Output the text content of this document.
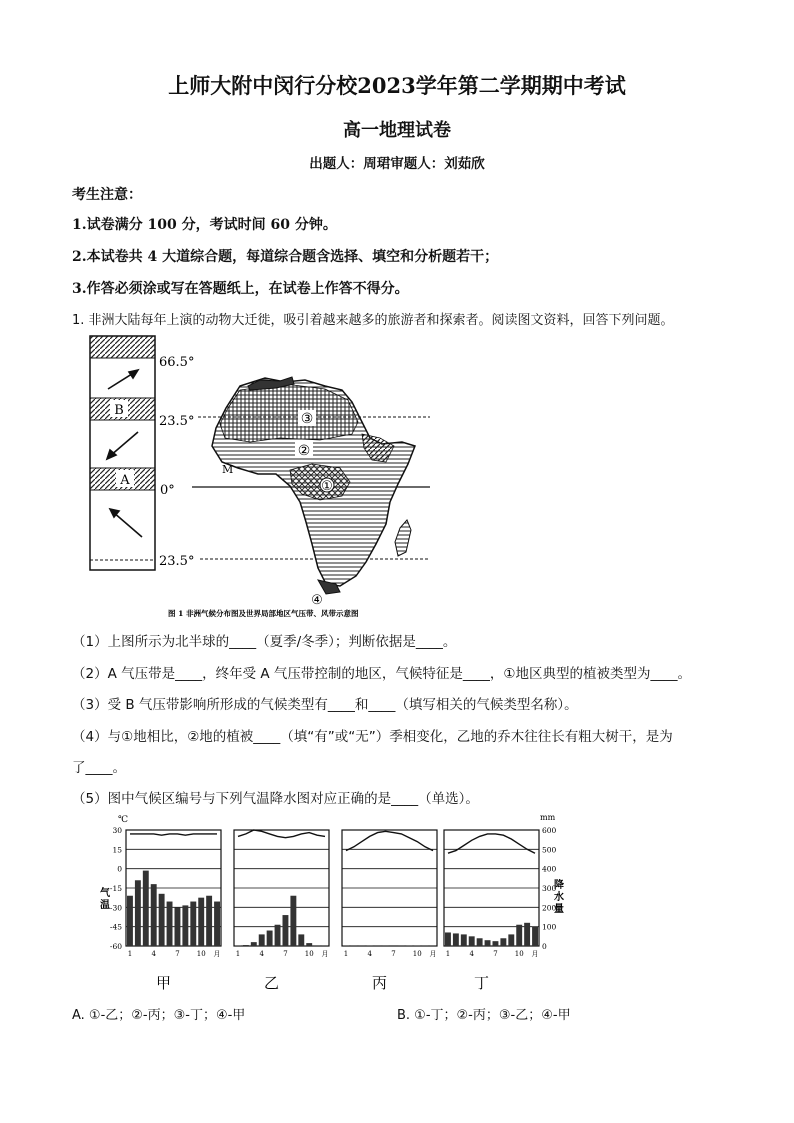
上师大附中闵行分校2023学年第二学期期中考试
高一地理试卷
出题人：周珺审题人：刘茹欣
考生注意：
1.试卷满分 100 分，考试时间 60 分钟。
2.本试卷共 4 大道综合题，每道综合题含选择、填空和分析题若干；
3.作答必须涂或写在答题纸上，在试卷上作答不得分。
1. 非洲大陆每年上演的动物大迁徙，吸引着越来越多的旅游者和探索者。阅读图文资料，回答下列问题。
B
A
66.5°
23.5°
0°
23.5°
①
②
③
④
M
图 1 非洲气候分布图及世界局部地区气压带、风带示意图
（1）上图所示为北半球的____（夏季/冬季）；判断依据是____。
（2）A 气压带是____，终年受 A 气压带控制的地区，气候特征是____，①地区典型的植被类型为____。
（3）受 B 气压带影响所形成的气候类型有____和____（填写相关的气候类型名称）。
（4）与①地相比，②地的植被____（填“有”或“无”）季相变化，乙地的乔木往往长有粗大树干，是为
了____。
（5）图中气候区编号与下列气温降水图对应正确的是____（单选）。
℃	mm
气温
降水量
30
15
0
-15
-30
-45
-60
600
500
400
300
200
100
0
1	4	7 10 月
甲
1	4	7 10 月
乙
1	4	7 10 月
丙
1	4	7 10 月
丁
A. ①-乙；②-丙；③-丁；④-甲	B. ①-丁；②-丙；③-乙；④-甲
